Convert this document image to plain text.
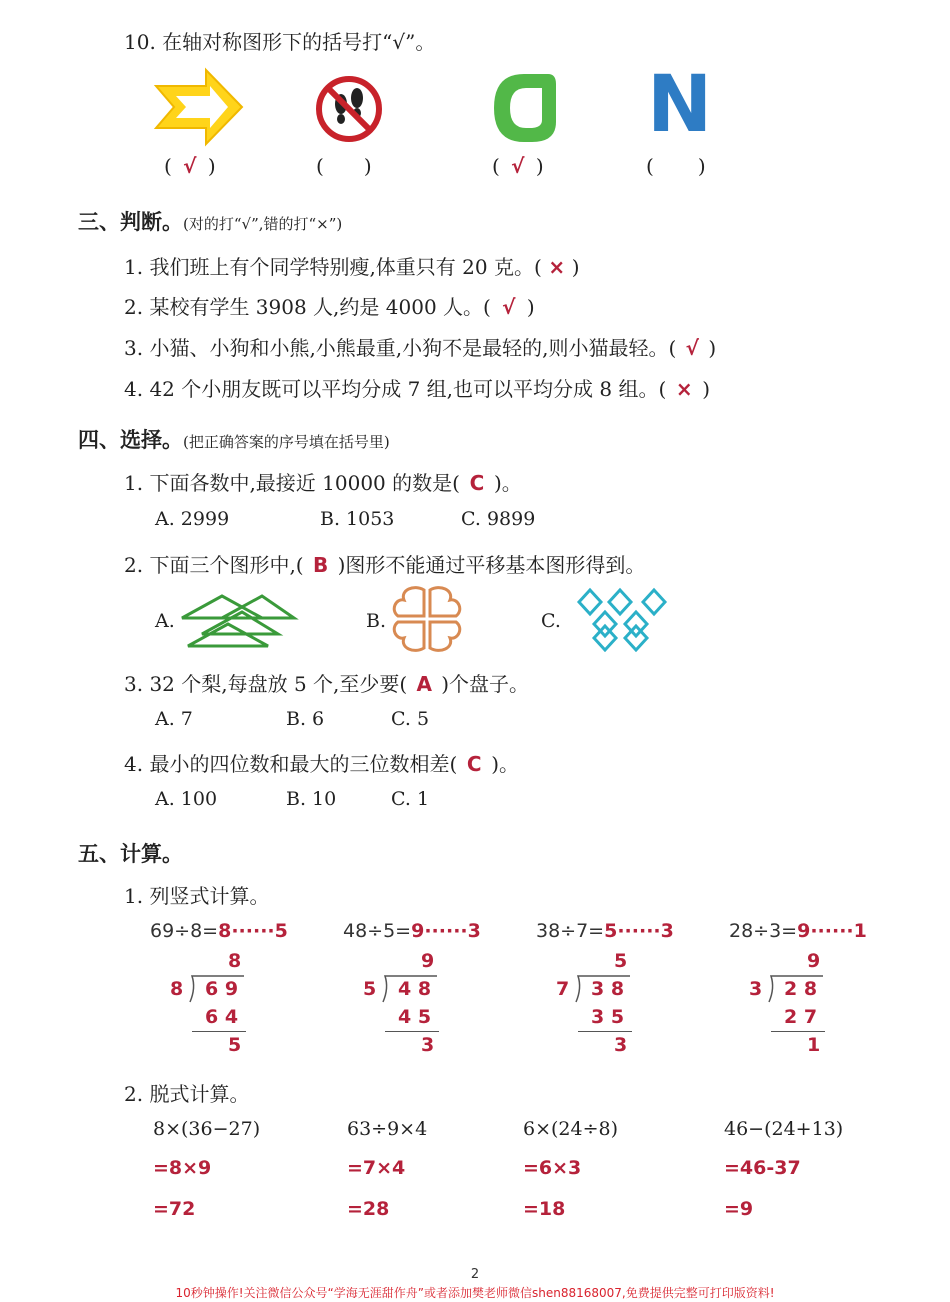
10. 在轴对称图形下的括号打“√”。
N
( √ )	( )	( √ )	( )
三、判断。(对的打“√”,错的打“×”)
1. 我们班上有个同学特别瘦,体重只有 20 克。( × )
2. 某校有学生 3908 人,约是 4000 人。( √ )
3. 小猫、小狗和小熊,小熊最重,小狗不是最轻的,则小猫最轻。( √ )
4. 42 个小朋友既可以平均分成 7 组,也可以平均分成 8 组。( × )
四、选择。(把正确答案的序号填在括号里)
1. 下面各数中,最接近 10000 的数是( C )。
A. 2999	B. 1053	C. 9899
2. 下面三个图形中,( B )图形不能通过平移基本图形得到。
A.	B.	C.
3. 32 个梨,每盘放 5 个,至少要( A )个盘子。
A. 7	B. 6	C. 5
4. 最小的四位数和最大的三位数相差( C )。
A. 100	B. 10	C. 1
五、计算。
1. 列竖式计算。
69÷8=8······5
8
8 6 9
6 4
5
48÷5=9······3
9
5 4 8
4 5
3
38÷7=5······3
5
7 3 8
3 5
3
28÷3=9······1
9
3 2 8
2 7
1
2. 脱式计算。
8×(36−27)
=8×9
=72
63÷9×4
=7×4
=28
6×(24÷8)
=6×3
=18
46−(24+13)
=46-37
=9
2
10秒钟操作!关注微信公众号“学海无涯甜作舟”或者添加樊老师微信shen88168007,免费提供完整可打印版资料!
